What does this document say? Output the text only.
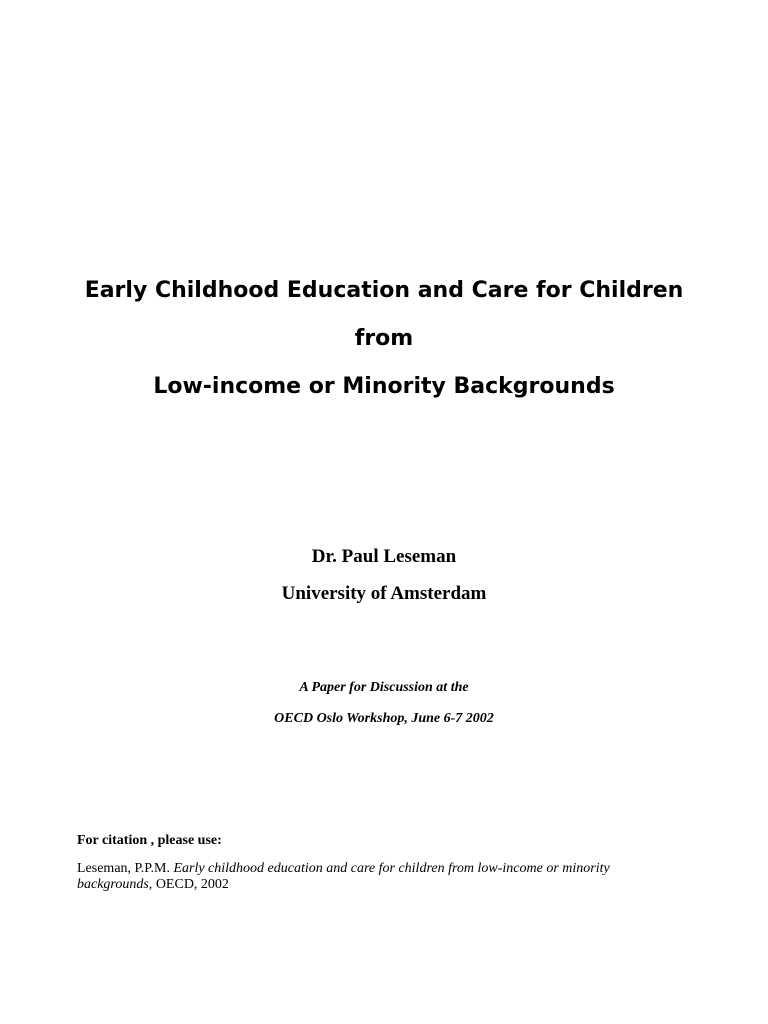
Early Childhood Education and Care for Children
from
Low-income or Minority Backgrounds

Dr. Paul Leseman

University of Amsterdam

A Paper for Discussion at the

OECD Oslo Workshop, June 6-7 2002

For citation , please use:

Leseman, P.P.M. Early childhood education and care for children from low-income or minority backgrounds, OECD, 2002
